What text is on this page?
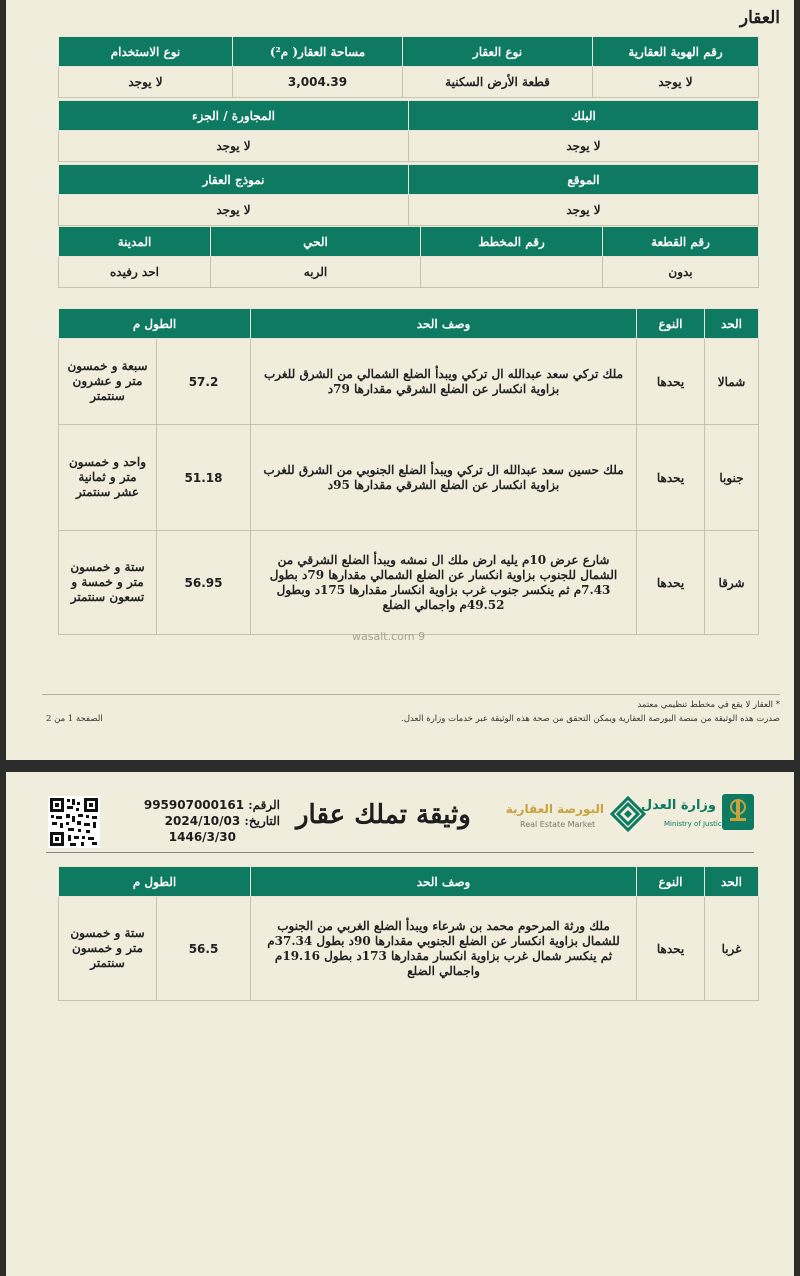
العقار
رقم الهوية العقارية	نوع العقار	مساحة العقار( م²)	نوع الاستخدام
لا يوجد	قطعة الأرض السكنية	3,004.39	لا يوجد
البلك	المجاورة / الجزء
لا يوجد	لا يوجد
الموقع	نموذج العقار
لا يوجد	لا يوجد
رقم القطعة	رقم المخطط	الحي	المدينة
بدون		الربه	احد رفيده
الحد	النوع	وصف الحد	الطول م	
شمالا	يحدها	ملك تركي سعد عبدالله ال تركي ويبدأ الضلع الشمالي من الشرق للغرب بزاوية انكسار عن الضلع الشرقي مقدارها 79د	57.2	سبعة و خمسون متر و عشرون سنتمتر
جنوبا	يحدها	ملك حسين سعد عبدالله ال تركي ويبدأ الضلع الجنوبي من الشرق للغرب بزاوية انكسار عن الضلع الشرقي مقدارها 95د	51.18	واحد و خمسون متر و ثمانية عشر سنتمتر
شرقا	يحدها	شارع عرض 10م يليه ارض ملك ال نمشه ويبدأ الضلع الشرقي من الشمال للجنوب بزاوية انكسار عن الضلع الشمالي مقدارها 79د بطول 7.43م ثم ينكسر جنوب غرب بزاوية انكسار مقدارها 175د وبطول 49.52م واجمالي الضلع	56.95	ستة و خمسون متر و خمسة و تسعون سنتمتر
wasalt.com 9
* العقار لا يقع في مخطط تنظيمي معتمد
صدرت هذه الوثيقة من منصة البورصة العقارية ويمكن التحقق من صحة هذه الوثيقة عبر خدمات وزارة العدل.
الصفحة 1 من 2
الرقم: 995907000161
التاريخ: 2024/10/03
1446/3/30
وثيقة تملك عقار	البورصة العقارية
Real Estate Market
وزارة العدل
Ministry of Justice
الحد	النوع	وصف الحد	الطول م	
غربا	يحدها	ملك ورثة المرحوم محمد بن شرعاء ويبدأ الضلع الغربي من الجنوب للشمال بزاوية انكسار عن الضلع الجنوبي مقدارها 90د بطول 37.34م ثم ينكسر شمال غرب بزاوية انكسار مقدارها 173د بطول 19.16م واجمالي الضلع	56.5	ستة و خمسون متر و خمسون سنتمتر
